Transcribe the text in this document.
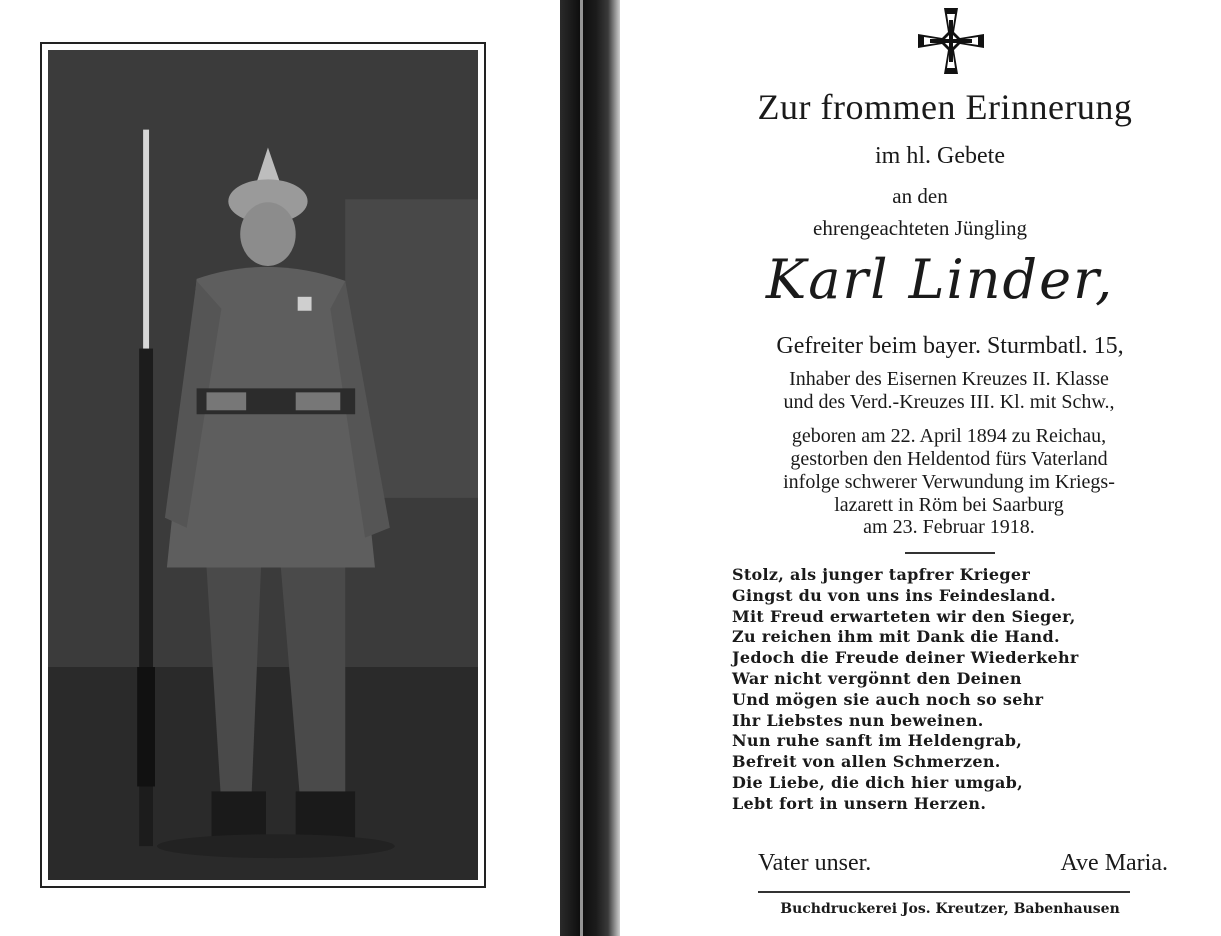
Zur frommen Erinnerung
im hl. Gebete
an den
ehrengeachteten Jüngling
Karl Linder,
Gefreiter beim bayer. Sturmbatl. 15,
Inhaber des Eisernen Kreuzes II. Klasse
und des Verd.-Kreuzes III. Kl. mit Schw.,
geboren am 22. April 1894 zu Reichau,
gestorben den Heldentod fürs Vaterland
infolge schwerer Verwundung im Kriegs-
lazarett in Röm bei Saarburg
am 23. Februar 1918.
Stolz, als junger tapfrer Krieger
Gingst du von uns ins Feindesland.
Mit Freud erwarteten wir den Sieger,
Zu reichen ihm mit Dank die Hand.
Jedoch die Freude deiner Wiederkehr
War nicht vergönnt den Deinen
Und mögen sie auch noch so sehr
Ihr Liebstes nun beweinen.
Nun ruhe sanft im Heldengrab,
Befreit von allen Schmerzen.
Die Liebe, die dich hier umgab,
Lebt fort in unsern Herzen.
Vater unser.	Ave Maria.
Buchdruckerei Jos. Kreutzer, Babenhausen
